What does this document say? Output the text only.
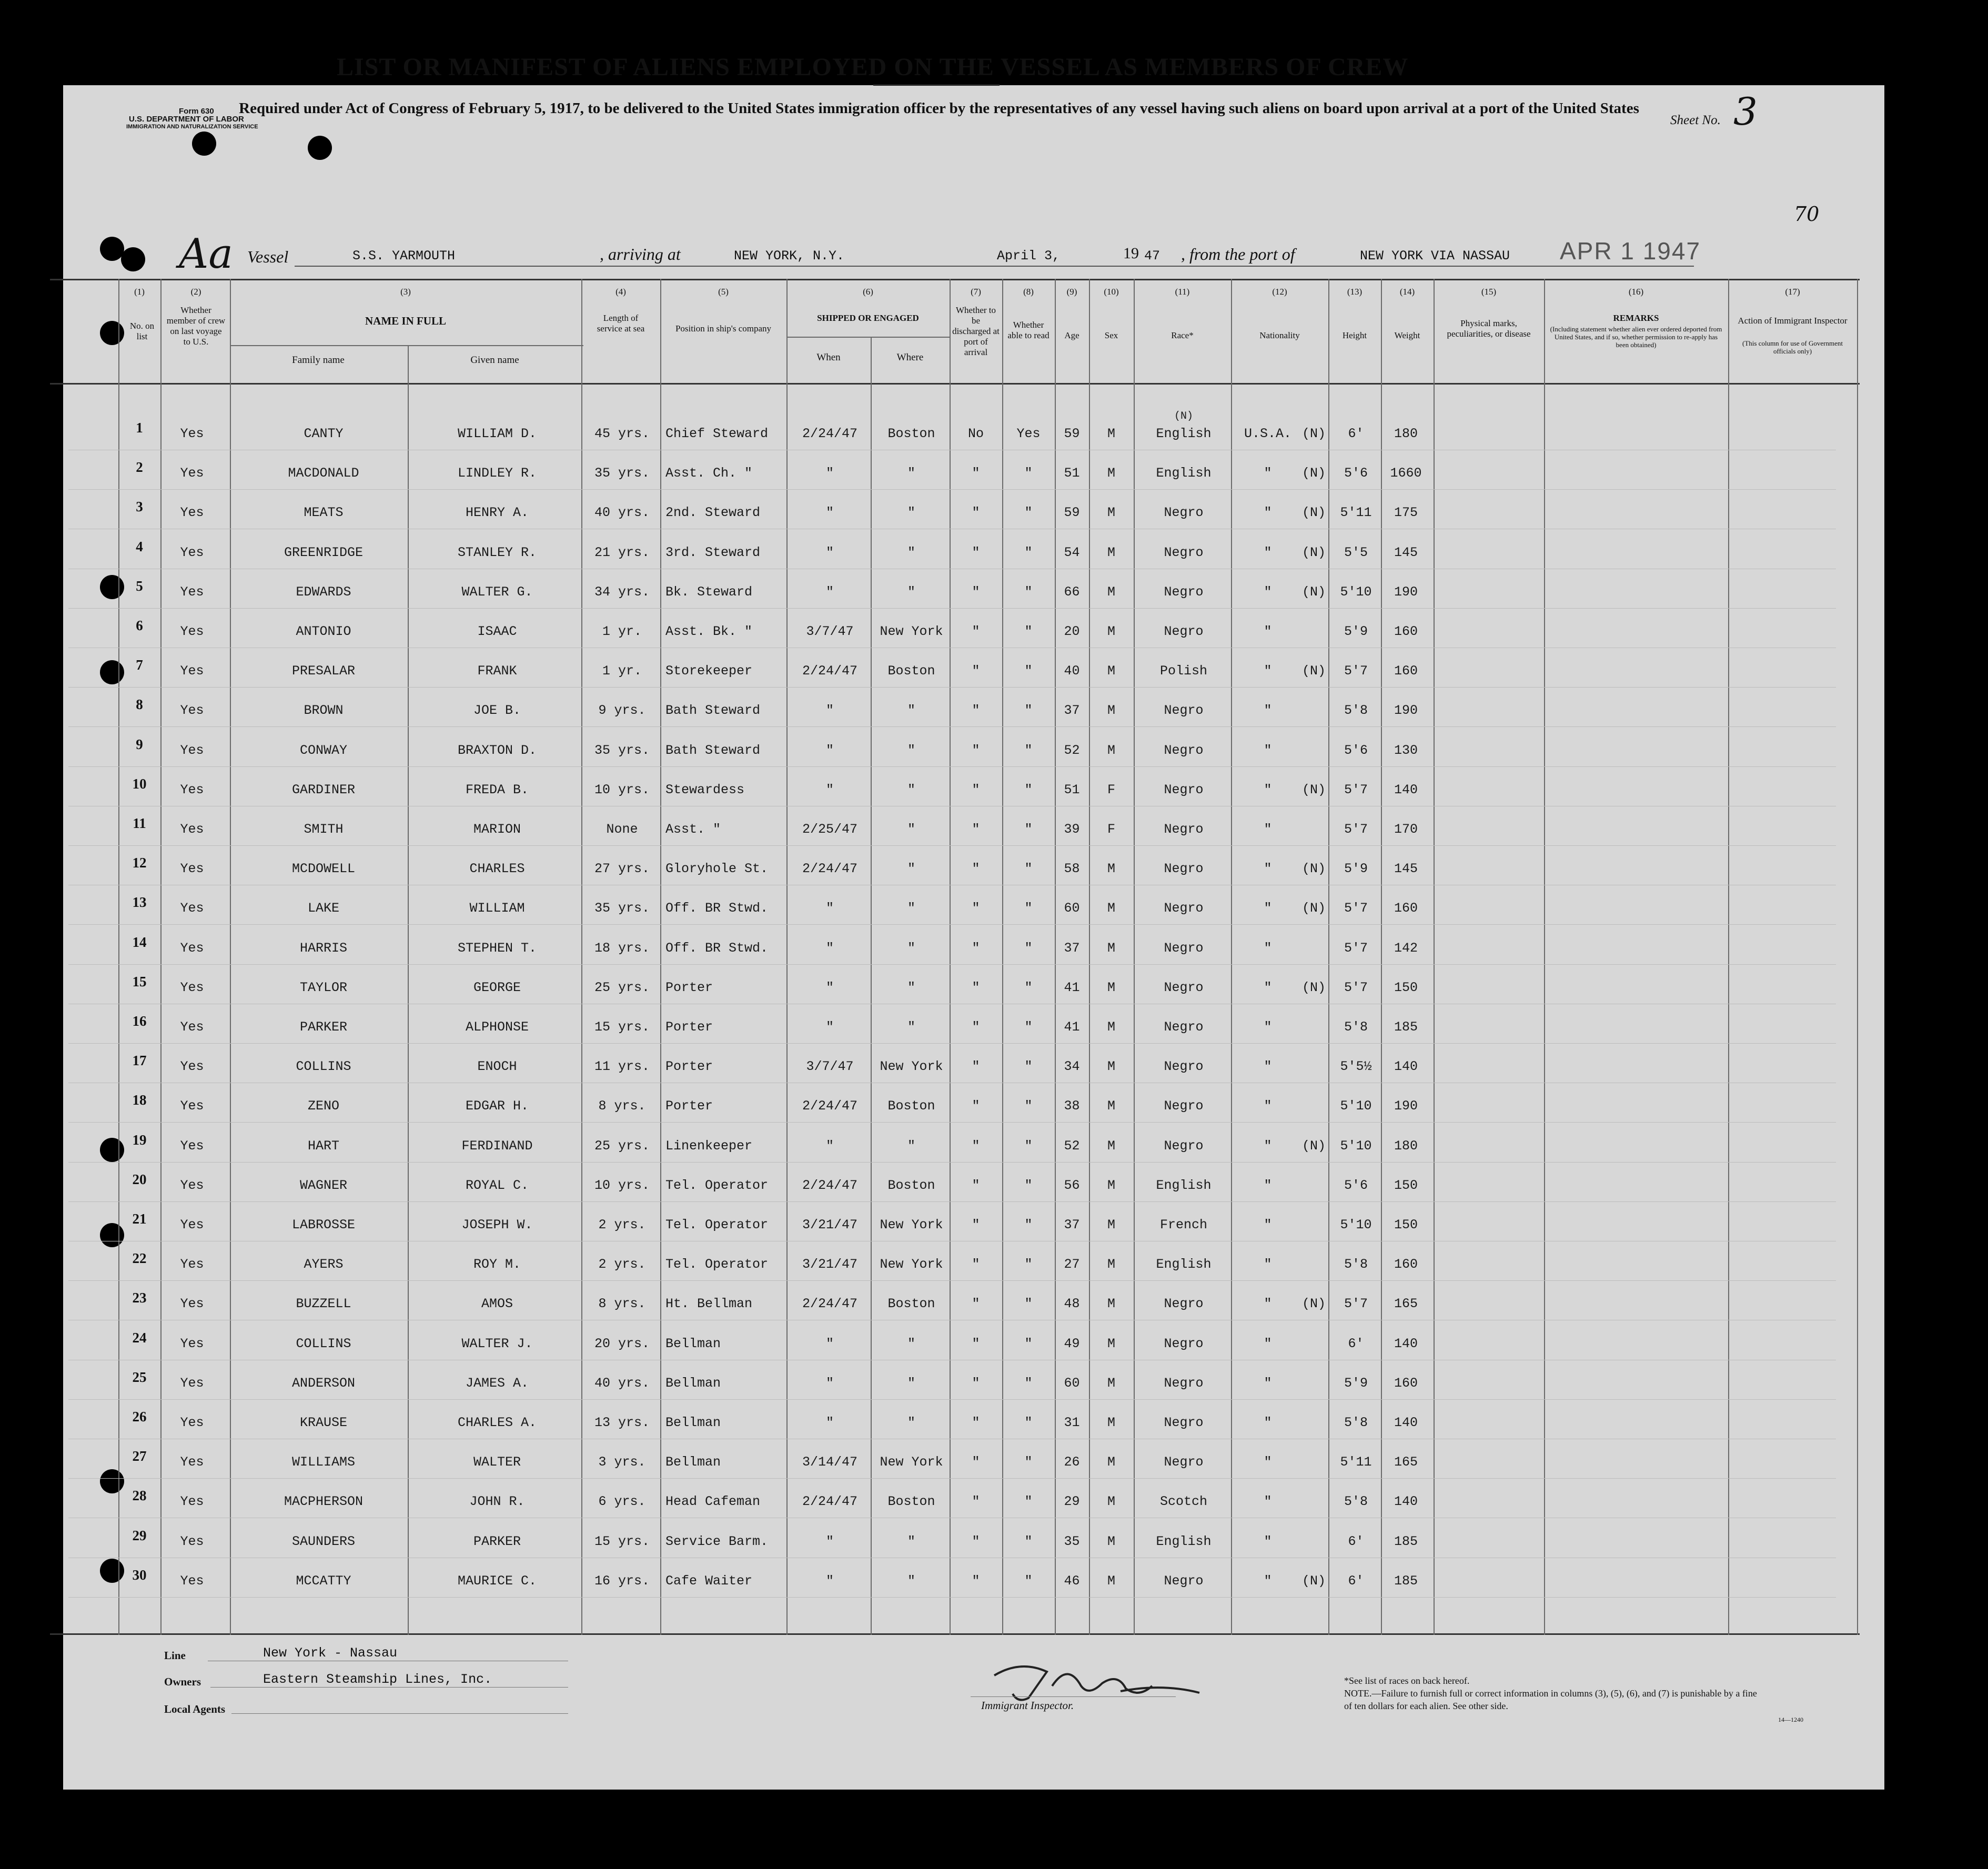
Form 630
U.S. DEPARTMENT OF LABOR
IMMIGRATION AND NATURALIZATION SERVICE	Sheet No. 3
70
LIST OR MANIFEST OF ALIENS EMPLOYED ON THE VESSEL AS MEMBERS OF CREW
Required under Act of Congress of February 5, 1917, to be delivered to the United States immigration officer by the representatives of any vessel having such aliens on board upon arrival at a port of the United States
Aa Vessel	S.S. YARMOUTH	, arriving at	NEW YORK, N.Y.	April 3,	19 47 , from the port of	NEW YORK VIA NASSAU APR 1 1947
(1)
No. on list
(2)
Whether member of crew on last voyage to U.S.
(3)
NAME IN FULL
Family name	Given name
(4)
Length of service at sea
(5)
Position in ship's company
(6)
SHIPPED OR ENGAGED
When	Where
(7)
Whether to be discharged at port of arrival
(8)
Whether able to read
(9)
Age
(10)
Sex
(11)
Race*
(12)
Nationality
(13)
Height
(14)
Weight
(15)
Physical marks, peculiarities, or disease
(16)
REMARKS
(Including statement whether alien ever ordered deported from United States, and if so, whether permission to re-apply has been obtained)
(17)
Action of Immigrant Inspector
(This column for use of Government officials only)
1	Yes	CANTY	WILLIAM D.	45 yrs.	Chief Steward	2/24/47	Boston	No	Yes	59	M	English	U.S.A. (N)	6'	180
(N)
2	Yes	MACDONALD	LINDLEY R.	35 yrs.	Asst. Ch. "	"	"	"	"	51	M	English	"	(N)	5'6	1660
3	Yes	MEATS	HENRY A.	40 yrs.	2nd. Steward	"	"	"	"	59	M	Negro	"	(N)	5'11	175
4	Yes	GREENRIDGE	STANLEY R.	21 yrs.	3rd. Steward	"	"	"	"	54	M	Negro	"	(N)	5'5	145
5	Yes	EDWARDS	WALTER G.	34 yrs.	Bk. Steward	"	"	"	"	66	M	Negro	"	(N)	5'10	190
6	Yes	ANTONIO	ISAAC	1 yr.	Asst. Bk. "	3/7/47	New York	"	"	20	M	Negro	"	5'9	160
7	Yes	PRESALAR	FRANK	1 yr.	Storekeeper	2/24/47	Boston	"	"	40	M	Polish	"	(N)	5'7	160
8	Yes	BROWN	JOE B.	9 yrs.	Bath Steward	"	"	"	"	37	M	Negro	"	5'8	190
9	Yes	CONWAY	BRAXTON D.	35 yrs.	Bath Steward	"	"	"	"	52	M	Negro	"	5'6	130
10	Yes	GARDINER	FREDA B.	10 yrs.	Stewardess	"	"	"	"	51	F	Negro	"	(N)	5'7	140
11	Yes	SMITH	MARION	None	Asst. "	2/25/47	"	"	"	39	F	Negro	"	5'7	170
12	Yes	MCDOWELL	CHARLES	27 yrs.	Gloryhole St.	2/24/47	"	"	"	58	M	Negro	"	(N)	5'9	145
13	Yes	LAKE	WILLIAM	35 yrs.	Off. BR Stwd.	"	"	"	"	60	M	Negro	"	(N)	5'7	160
14	Yes	HARRIS	STEPHEN T.	18 yrs.	Off. BR Stwd.	"	"	"	"	37	M	Negro	"	5'7	142
15	Yes	TAYLOR	GEORGE	25 yrs.	Porter	"	"	"	"	41	M	Negro	"	(N)	5'7	150
16	Yes	PARKER	ALPHONSE	15 yrs.	Porter	"	"	"	"	41	M	Negro	"	5'8	185
17	Yes	COLLINS	ENOCH	11 yrs.	Porter	3/7/47	New York	"	"	34	M	Negro	"	5'5½	140
18	Yes	ZENO	EDGAR H.	8 yrs.	Porter	2/24/47	Boston	"	"	38	M	Negro	"	5'10	190
19	Yes	HART	FERDINAND	25 yrs.	Linenkeeper	"	"	"	"	52	M	Negro	"	(N)	5'10	180
20	Yes	WAGNER	ROYAL C.	10 yrs.	Tel. Operator	2/24/47	Boston	"	"	56	M	English	"	5'6	150
21	Yes	LABROSSE	JOSEPH W.	2 yrs.	Tel. Operator	3/21/47	New York	"	"	37	M	French	"	5'10	150
22	Yes	AYERS	ROY M.	2 yrs.	Tel. Operator	3/21/47	New York	"	"	27	M	English	"	5'8	160
23	Yes	BUZZELL	AMOS	8 yrs.	Ht. Bellman	2/24/47	Boston	"	"	48	M	Negro	"	(N)	5'7	165
24	Yes	COLLINS	WALTER J.	20 yrs.	Bellman	"	"	"	"	49	M	Negro	"	6'	140
25	Yes	ANDERSON	JAMES A.	40 yrs.	Bellman	"	"	"	"	60	M	Negro	"	5'9	160
26	Yes	KRAUSE	CHARLES A.	13 yrs.	Bellman	"	"	"	"	31	M	Negro	"	5'8	140
27	Yes	WILLIAMS	WALTER	3 yrs.	Bellman	3/14/47	New York	"	"	26	M	Negro	"	5'11	165
28	Yes	MACPHERSON	JOHN R.	6 yrs.	Head Cafeman	2/24/47	Boston	"	"	29	M	Scotch	"	5'8	140
29	Yes	SAUNDERS	PARKER	15 yrs.	Service Barm.	"	"	"	"	35	M	English	"	6'	185
30	Yes	MCCATTY	MAURICE C.	16 yrs.	Cafe Waiter	"	"	"	"	46	M	Negro	"	(N)	6'	185
Line	New York - Nassau
Owners	Eastern Steamship Lines, Inc.
Local Agents	Immigrant Inspector.
*See list of races on back hereof.
NOTE.—Failure to furnish full or correct information in columns (3), (5), (6), and (7) is punishable by a fine of ten dollars for each alien. See other side.
14—1240
